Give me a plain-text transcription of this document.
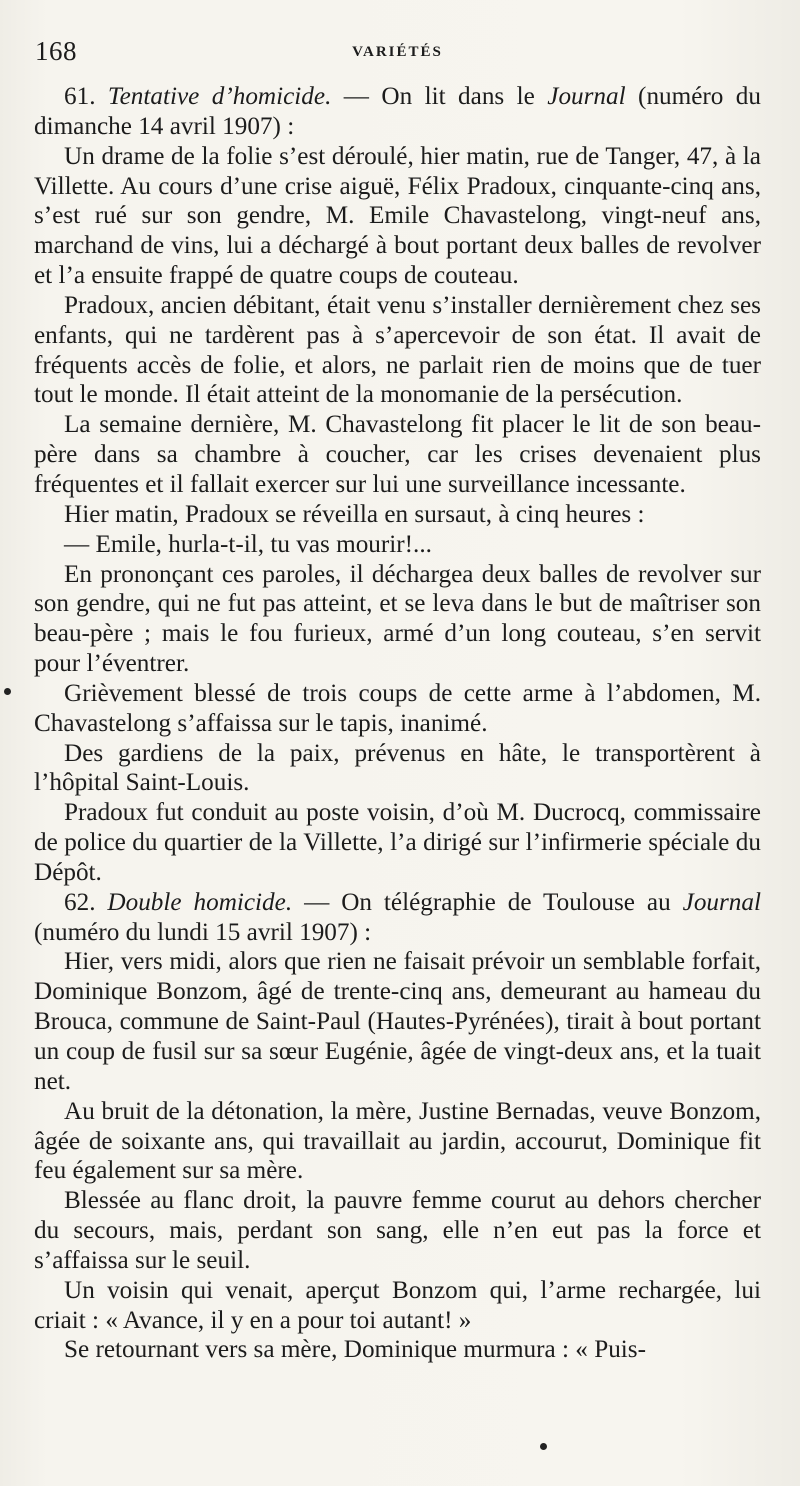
168	VARIÉTÉS

61. Tentative d’homicide. — On lit dans le Journal (numéro du dimanche 14 avril 1907) :

Un drame de la folie s’est déroulé, hier matin, rue de Tanger, 47, à la Villette. Au cours d’une crise aiguë, Félix Pradoux, cinquante-cinq ans, s’est rué sur son gendre, M. Emile Chavastelong, vingt-neuf ans, marchand de vins, lui a déchargé à bout portant deux balles de revolver et l’a ensuite frappé de quatre coups de couteau.

Pradoux, ancien débitant, était venu s’installer dernièrement chez ses enfants, qui ne tardèrent pas à s’apercevoir de son état. Il avait de fréquents accès de folie, et alors, ne parlait rien de moins que de tuer tout le monde. Il était atteint de la monomanie de la persécution.

La semaine dernière, M. Chavastelong fit placer le lit de son beau-père dans sa chambre à coucher, car les crises devenaient plus fréquentes et il fallait exercer sur lui une surveillance incessante.

Hier matin, Pradoux se réveilla en sursaut, à cinq heures :

— Emile, hurla-t-il, tu vas mourir!...

En prononçant ces paroles, il déchargea deux balles de revolver sur son gendre, qui ne fut pas atteint, et se leva dans le but de maîtriser son beau-père ; mais le fou furieux, armé d’un long couteau, s’en servit pour l’éventrer.

Grièvement blessé de trois coups de cette arme à l’abdomen, M. Chavastelong s’affaissa sur le tapis, inanimé.

Des gardiens de la paix, prévenus en hâte, le transportèrent à l’hôpital Saint-Louis.

Pradoux fut conduit au poste voisin, d’où M. Ducrocq, commissaire de police du quartier de la Villette, l’a dirigé sur l’infirmerie spéciale du Dépôt.

62. Double homicide. — On télégraphie de Toulouse au Journal (numéro du lundi 15 avril 1907) :

Hier, vers midi, alors que rien ne faisait prévoir un semblable forfait, Dominique Bonzom, âgé de trente-cinq ans, demeurant au hameau du Brouca, commune de Saint-Paul (Hautes-Pyrénées), tirait à bout portant un coup de fusil sur sa sœur Eugénie, âgée de vingt-deux ans, et la tuait net.

Au bruit de la détonation, la mère, Justine Bernadas, veuve Bonzom, âgée de soixante ans, qui travaillait au jardin, accourut, Dominique fit feu également sur sa mère.

Blessée au flanc droit, la pauvre femme courut au dehors chercher du secours, mais, perdant son sang, elle n’en eut pas la force et s’affaissa sur le seuil.

Un voisin qui venait, aperçut Bonzom qui, l’arme rechargée, lui criait : « Avance, il y en a pour toi autant! »

Se retournant vers sa mère, Dominique murmura : « Puis-
